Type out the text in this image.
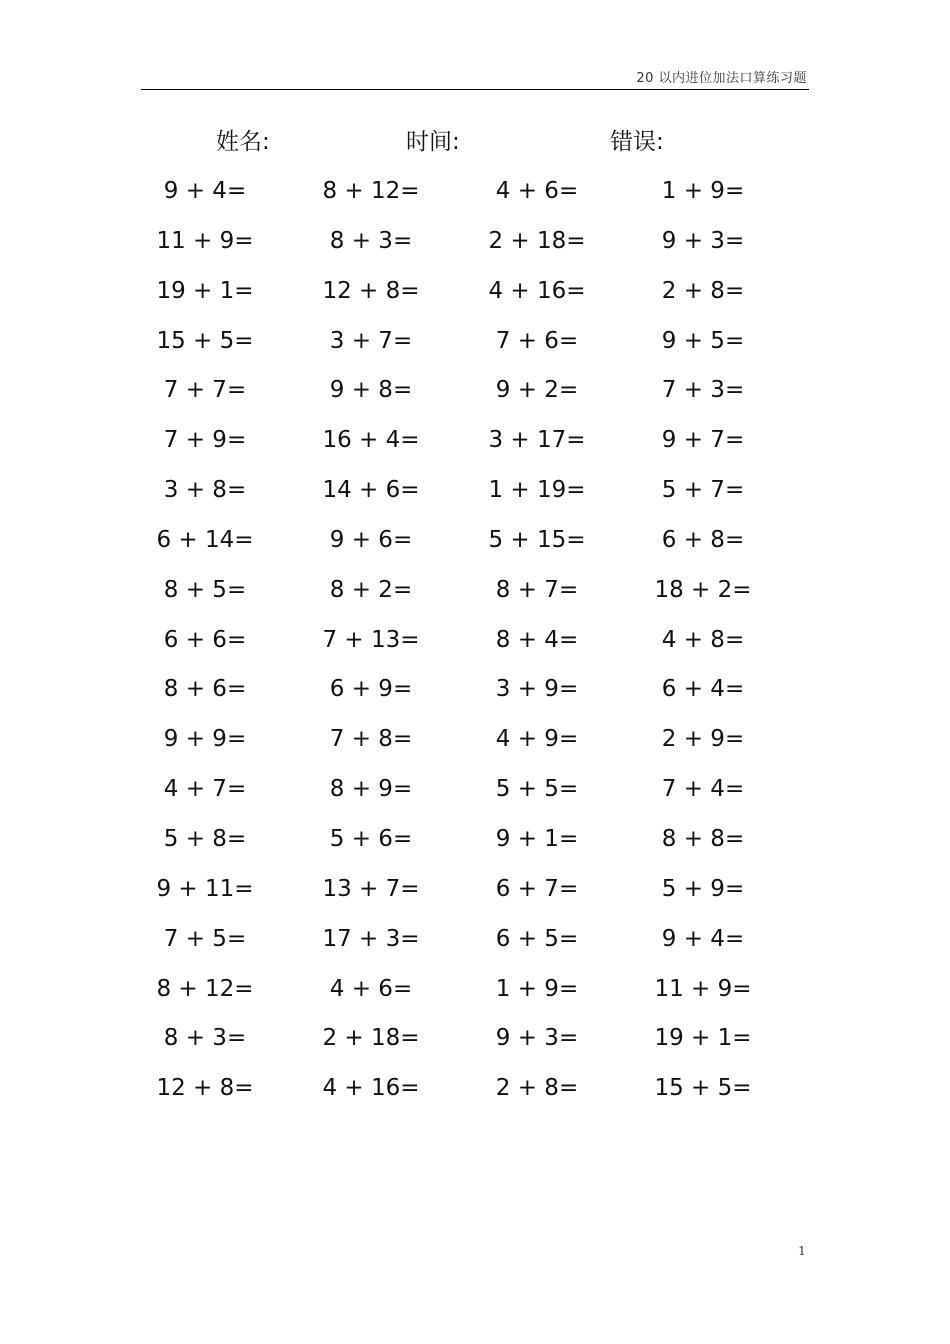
20 以内进位加法口算练习题
姓名:	时间:	错误:
9 + 4=	8 + 12=	4 + 6=	1 + 9=
11 + 9=	8 + 3=	2 + 18=	9 + 3=
19 + 1=	12 + 8=	4 + 16=	2 + 8=
15 + 5=	3 + 7=	7 + 6=	9 + 5=
7 + 7=	9 + 8=	9 + 2=	7 + 3=
7 + 9=	16 + 4=	3 + 17=	9 + 7=
3 + 8=	14 + 6=	1 + 19=	5 + 7=
6 + 14=	9 + 6=	5 + 15=	6 + 8=
8 + 5=	8 + 2=	8 + 7=	18 + 2=
6 + 6=	7 + 13=	8 + 4=	4 + 8=
8 + 6=	6 + 9=	3 + 9=	6 + 4=
9 + 9=	7 + 8=	4 + 9=	2 + 9=
4 + 7=	8 + 9=	5 + 5=	7 + 4=
5 + 8=	5 + 6=	9 + 1=	8 + 8=
9 + 11=	13 + 7=	6 + 7=	5 + 9=
7 + 5=	17 + 3=	6 + 5=	9 + 4=
8 + 12=	4 + 6=	1 + 9=	11 + 9=
8 + 3=	2 + 18=	9 + 3=	19 + 1=
12 + 8=	4 + 16=	2 + 8=	15 + 5=
1
